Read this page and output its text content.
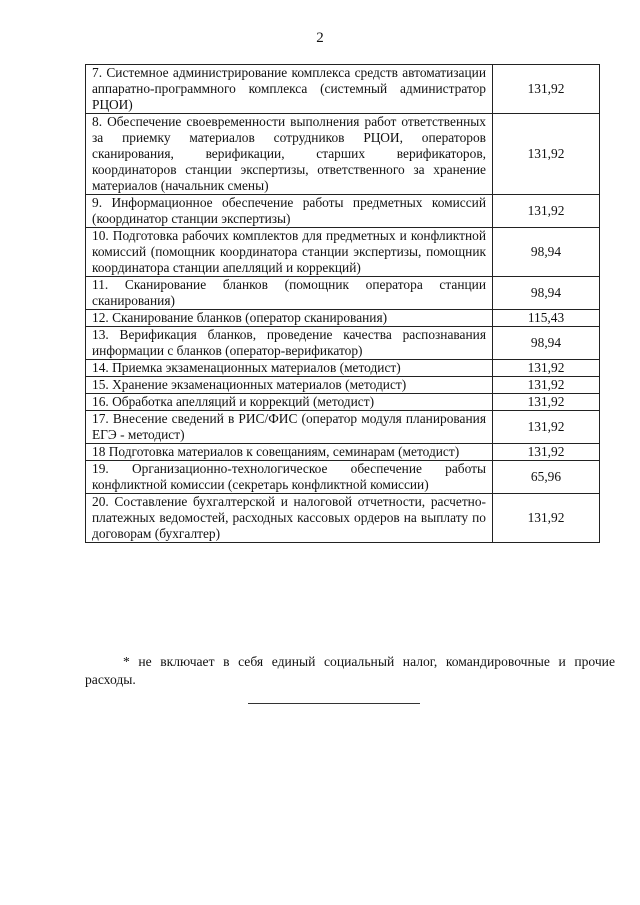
2
7. Системное администрирование комплекса средств автоматизации аппаратно-программного комплекса (системный администратор РЦОИ)	131,92
8. Обеспечение своевременности выполнения работ ответственных за приемку материалов сотрудников РЦОИ, операторов сканирования, верификации, старших верификаторов, координаторов станции экспертизы, ответственного за хранение материалов (начальник смены)	131,92
9. Информационное обеспечение работы предметных комиссий (координатор станции экспертизы)	131,92
10. Подготовка рабочих комплектов для предметных и конфликтной комиссий (помощник координатора станции экспертизы, помощник координатора станции апелляций и коррекций)	98,94
11. Сканирование бланков (помощник оператора станции сканирования)	98,94
12. Сканирование бланков (оператор сканирования)	115,43
13. Верификация бланков, проведение качества распознавания информации с бланков (оператор-верификатор)	98,94
14. Приемка экзаменационных материалов (методист)	131,92
15. Хранение экзаменационных материалов (методист)	131,92
16. Обработка апелляций и коррекций (методист)	131,92
17. Внесение сведений в РИС/ФИС (оператор модуля планирования ЕГЭ - методист)	131,92
18 Подготовка материалов к совещаниям, семинарам (методист)	131,92
19. Организационно-технологическое обеспечение работы конфликтной комиссии (секретарь конфликтной комиссии)	65,96
20. Составление бухгалтерской и налоговой отчетности, расчетно-платежных ведомостей, расходных кассовых ордеров на выплату по договорам (бухгалтер)	131,92
* не включает в себя единый социальный налог, командировочные и прочие расходы.
